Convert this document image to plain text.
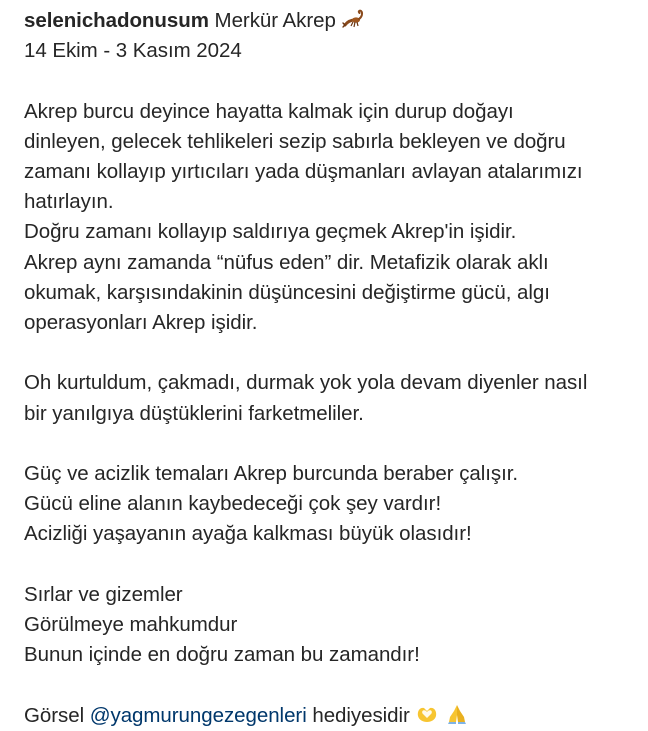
selenichadonusum Merkür Akrep
14 Ekim - 3 Kasım 2024
Akrep burcu deyince hayatta kalmak için durup doğayı
dinleyen, gelecek tehlikeleri sezip sabırla bekleyen ve doğru
zamanı kollayıp yırtıcıları yada düşmanları avlayan atalarımızı
hatırlayın.
Doğru zamanı kollayıp saldırıya geçmek Akrep'in işidir.
Akrep aynı zamanda “nüfus eden” dir. Metafizik olarak aklı
okumak, karşısındakinin düşüncesini değiştirme gücü, algı
operasyonları Akrep işidir.
Oh kurtuldum, çakmadı, durmak yok yola devam diyenler nasıl
bir yanılgıya düştüklerini farketmeliler.
Güç ve acizlik temaları Akrep burcunda beraber çalışır.
Gücü eline alanın kaybedeceği çok şey vardır!
Acizliği yaşayanın ayağa kalkması büyük olasıdır!
Sırlar ve gizemler
Görülmeye mahkumdur
Bunun içinde en doğru zaman bu zamandır!
Görsel @yagmurungezegenleri hediyesidir
